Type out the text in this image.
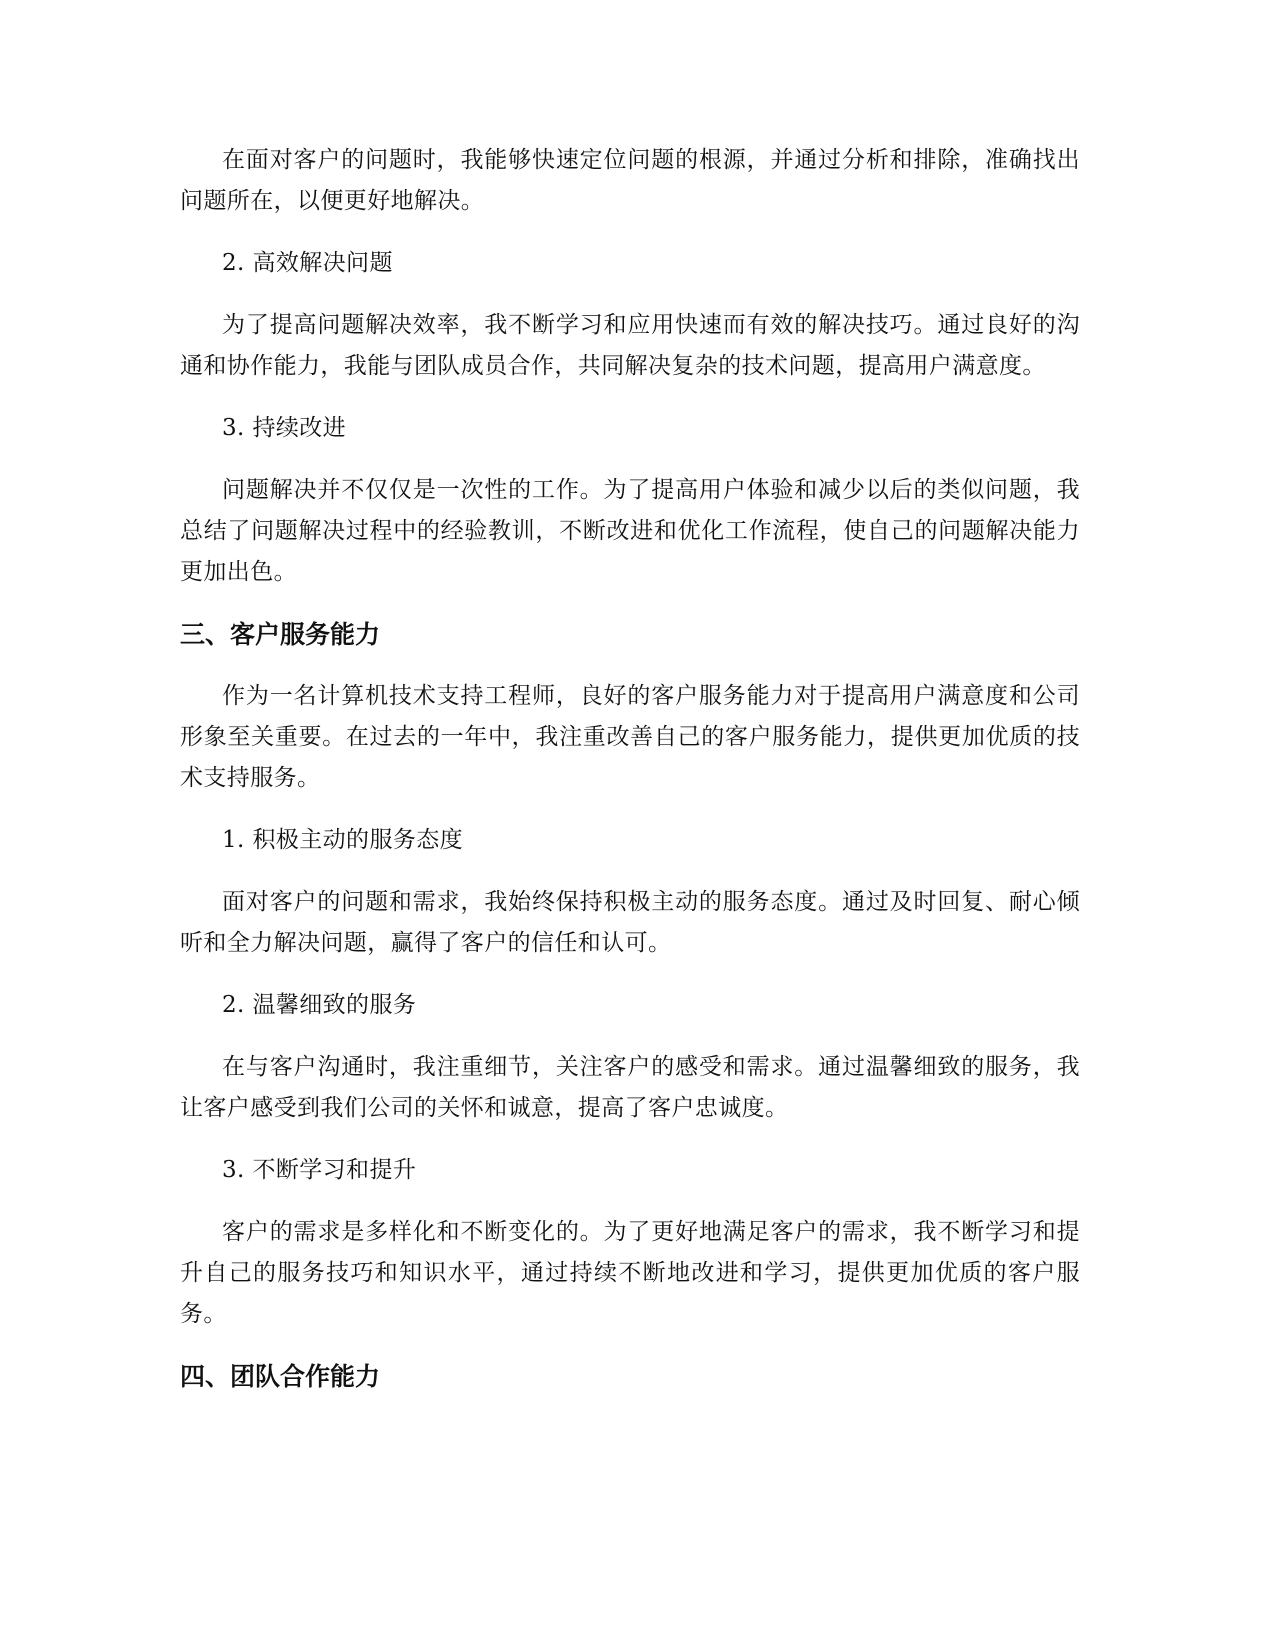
在面对客户的问题时，我能够快速定位问题的根源，并通过分析和排除，准确找出问题所在，以便更好地解决。

2. 高效解决问题

为了提高问题解决效率，我不断学习和应用快速而有效的解决技巧。通过良好的沟通和协作能力，我能与团队成员合作，共同解决复杂的技术问题，提高用户满意度。

3. 持续改进

问题解决并不仅仅是一次性的工作。为了提高用户体验和减少以后的类似问题，我总结了问题解决过程中的经验教训，不断改进和优化工作流程，使自己的问题解决能力更加出色。

三、客户服务能力

作为一名计算机技术支持工程师，良好的客户服务能力对于提高用户满意度和公司形象至关重要。在过去的一年中，我注重改善自己的客户服务能力，提供更加优质的技术支持服务。

1. 积极主动的服务态度

面对客户的问题和需求，我始终保持积极主动的服务态度。通过及时回复、耐心倾听和全力解决问题，赢得了客户的信任和认可。

2. 温馨细致的服务

在与客户沟通时，我注重细节，关注客户的感受和需求。通过温馨细致的服务，我让客户感受到我们公司的关怀和诚意，提高了客户忠诚度。

3. 不断学习和提升

客户的需求是多样化和不断变化的。为了更好地满足客户的需求，我不断学习和提升自己的服务技巧和知识水平，通过持续不断地改进和学习，提供更加优质的客户服务。

四、团队合作能力
